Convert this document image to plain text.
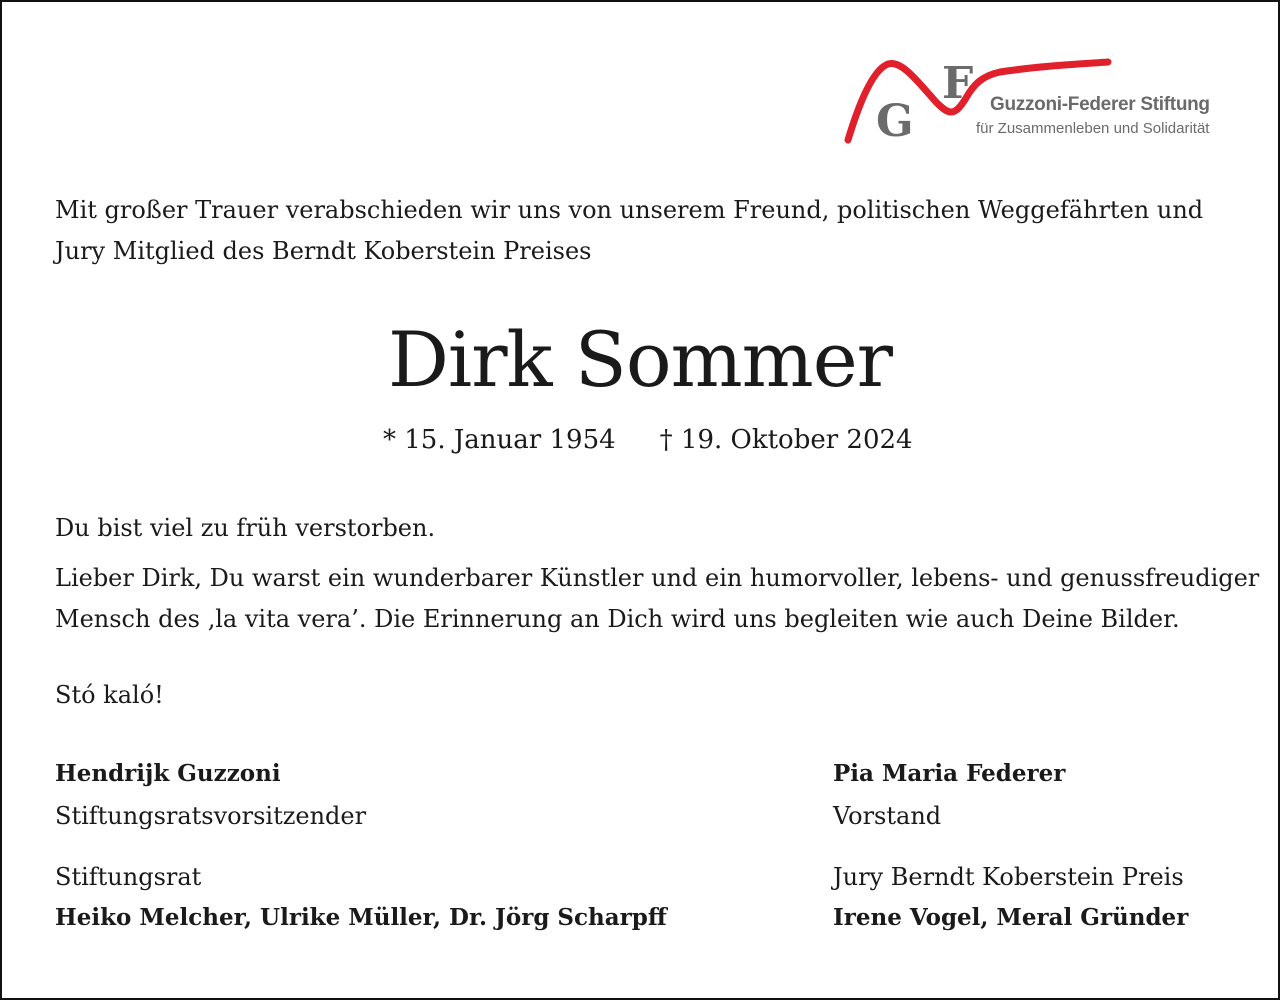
G
F Guzzoni-Federer Stiftung
für Zusammenleben und Solidarität
Mit großer Trauer verabschieden wir uns von unserem Freund, politischen Weggefährten und
Jury Mitglied des Berndt Koberstein Preises
Dirk Sommer
* 15. Januar 1954 † 19. Oktober 2024
Du bist viel zu früh verstorben.
Lieber Dirk, Du warst ein wunderbarer Künstler und ein humorvoller, lebens- und genussfreudiger
Mensch des ‚la vita vera’. Die Erinnerung an Dich wird uns begleiten wie auch Deine Bilder.
Stó kaló!
Hendrijk Guzzoni
Stiftungsratsvorsitzender
Stiftungsrat
Heiko Melcher, Ulrike Müller, Dr. Jörg Scharpff
Pia Maria Federer
Vorstand
Jury Berndt Koberstein Preis
Irene Vogel, Meral Gründer
